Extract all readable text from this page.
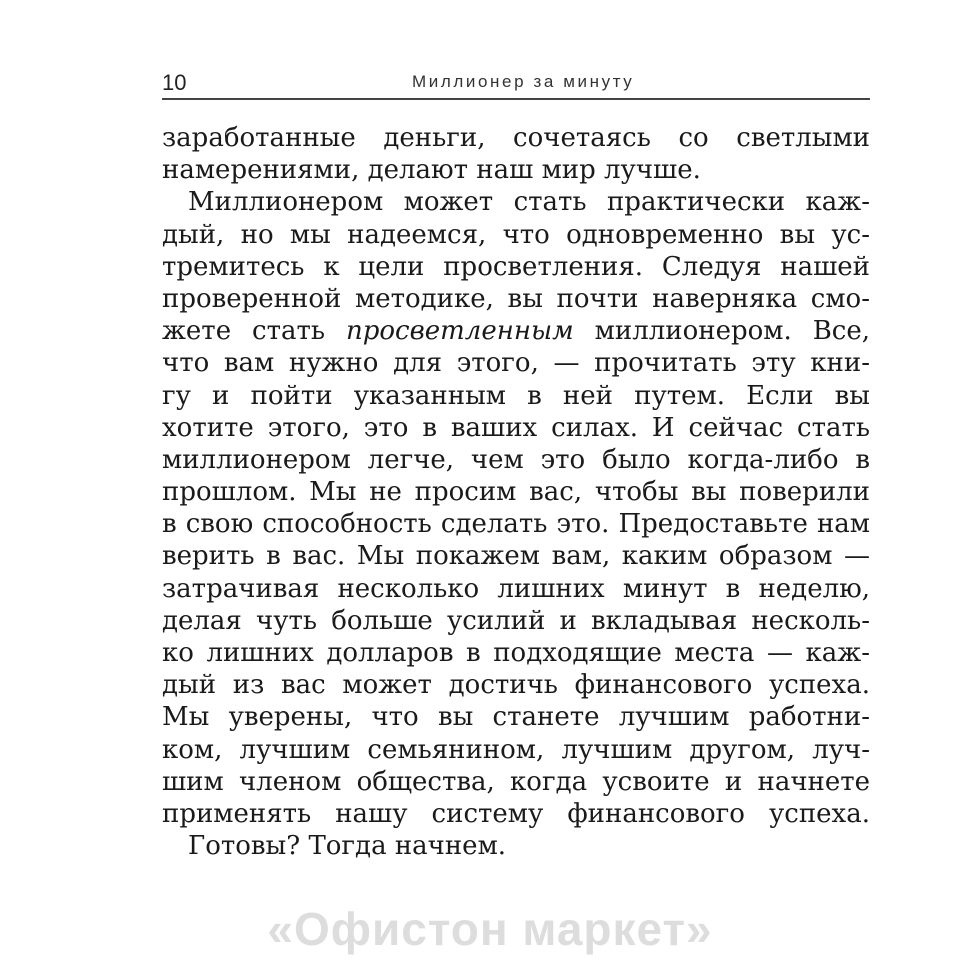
10	Миллионер за минуту
заработанные деньги, сочетаясь со светлыми
намерениями, делают наш мир лучше.
Миллионером может стать практически каж-
дый, но мы надеемся, что одновременно вы ус-
тремитесь к цели просветления. Следуя нашей
проверенной методике, вы почти наверняка смо-
жете стать просветленным миллионером. Все,
что вам нужно для этого, — прочитать эту кни-
гу и пойти указанным в ней путем. Если вы
хотите этого, это в ваших силах. И сейчас стать
миллионером легче, чем это было когда-либо в
прошлом. Мы не просим вас, чтобы вы поверили
в свою способность сделать это. Предоставьте нам
верить в вас. Мы покажем вам, каким образом —
затрачивая несколько лишних минут в неделю,
делая чуть больше усилий и вкладывая несколь-
ко лишних долларов в подходящие места — каж-
дый из вас может достичь финансового успеха.
Мы уверены, что вы станете лучшим работни-
ком, лучшим семьянином, лучшим другом, луч-
шим членом общества, когда усвоите и начнете
применять нашу систему финансового успеха.
Готовы? Тогда начнем.
«Офистон маркет»
